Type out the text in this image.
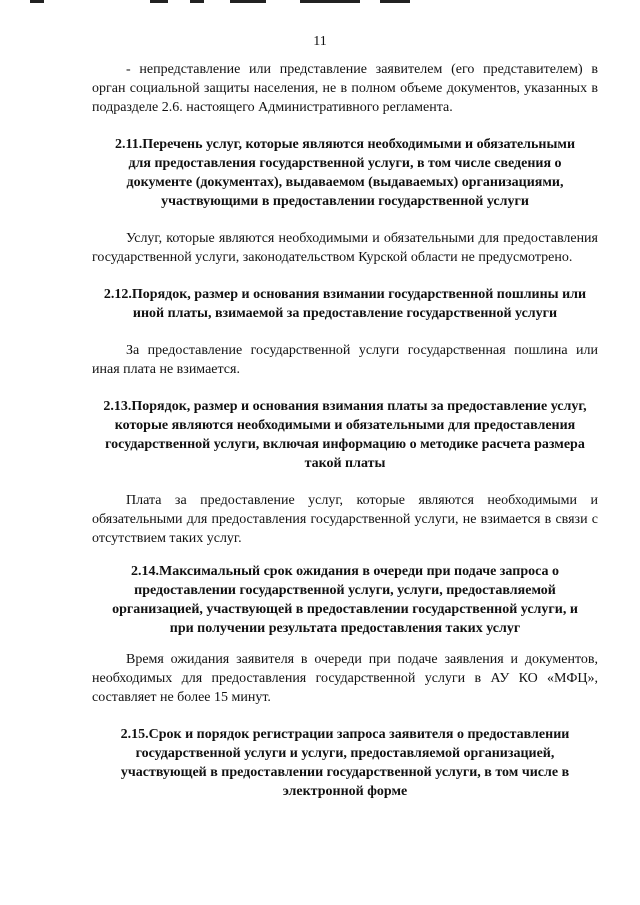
11

- непредставление или представление заявителем (его представителем) в орган социальной защиты населения, не в полном объеме документов, указанных в подразделе 2.6. настоящего Административного регламента.

2.11.Перечень услуг, которые являются необходимыми и обязательными для предоставления государственной услуги, в том числе сведения о документе (документах), выдаваемом (выдаваемых) организациями, участвующими в предоставлении государственной услуги

Услуг, которые являются необходимыми и обязательными для предоставления государственной услуги, законодательством Курской области не предусмотрено.

2.12.Порядок, размер и основания взимании государственной пошлины или иной платы, взимаемой за предоставление государственной услуги

За предоставление государственной услуги государственная пошлина или иная плата не взимается.

2.13.Порядок, размер и основания взимания платы за предоставление услуг, которые являются необходимыми и обязательными для предоставления государственной услуги, включая информацию о методике расчета размера такой платы

Плата за предоставление услуг, которые являются необходимыми и обязательными для предоставления государственной услуги, не взимается в связи с отсутствием таких услуг.

2.14.Максимальный срок ожидания в очереди при подаче запроса о предоставлении государственной услуги, услуги, предоставляемой организацией, участвующей в предоставлении государственной услуги, и при получении результата предоставления таких услуг

Время ожидания заявителя в очереди при подаче заявления и документов, необходимых для предоставления государственной услуги в АУ КО «МФЦ», составляет не более 15 минут.

2.15.Срок и порядок регистрации запроса заявителя о предоставлении государственной услуги и услуги, предоставляемой организацией, участвующей в предоставлении государственной услуги, в том числе в электронной форме
